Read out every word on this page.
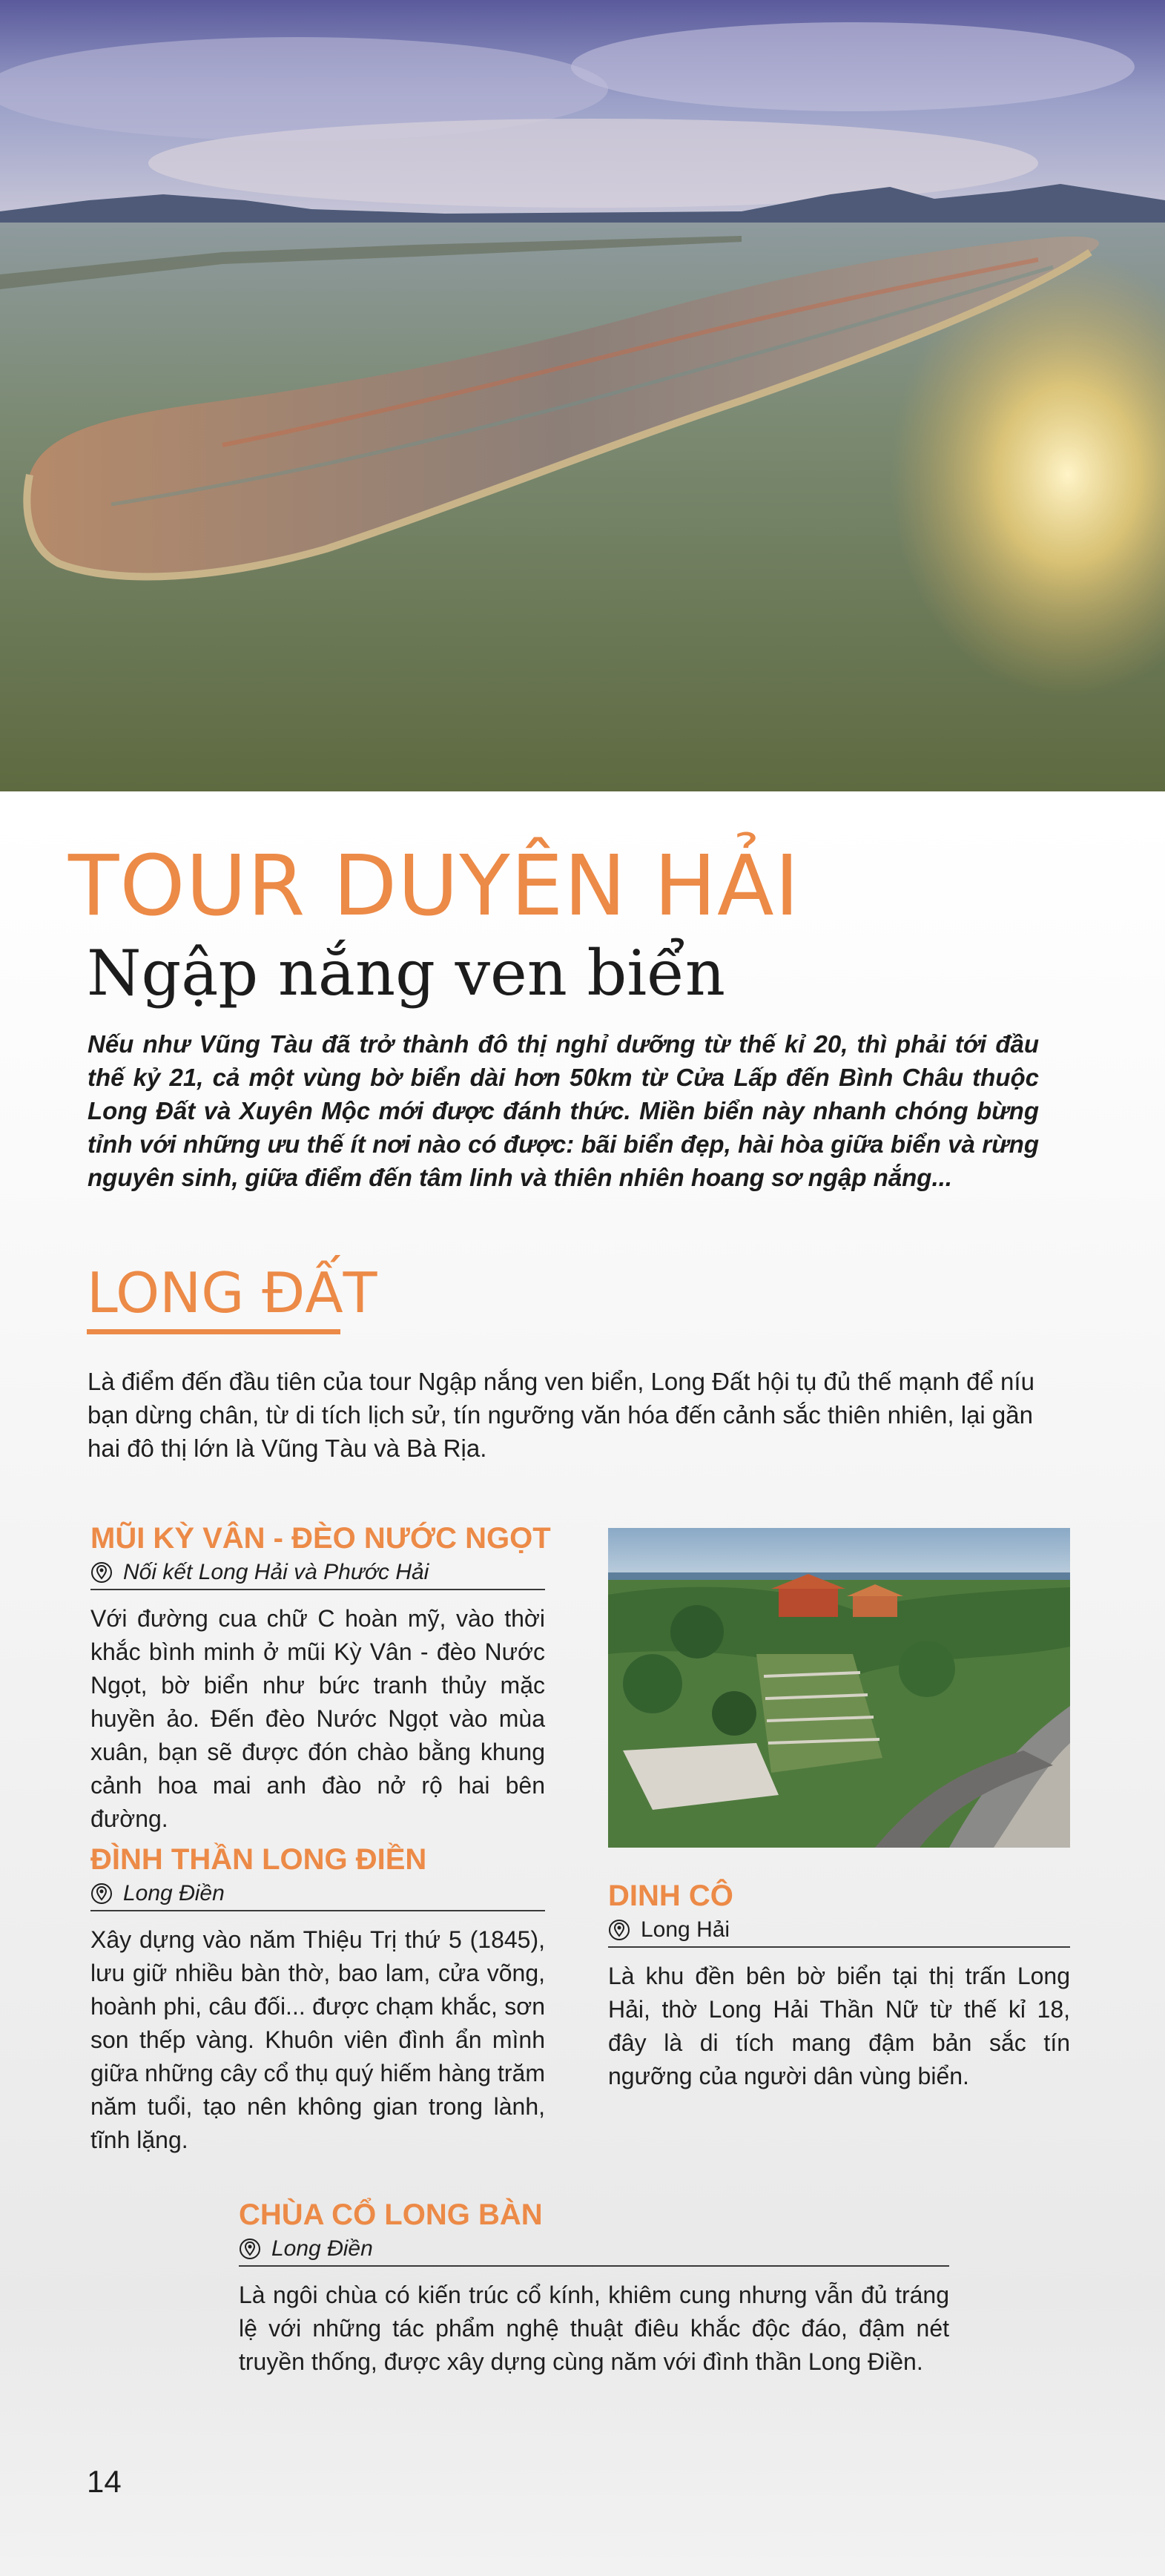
TOUR DUYÊN HẢI
Ngập nắng ven biển

Nếu như Vũng Tàu đã trở thành đô thị nghỉ dưỡng từ thế kỉ 20, thì phải tới đầu thế kỷ 21, cả một vùng bờ biển dài hơn 50km từ Cửa Lấp đến Bình Châu thuộc Long Đất và Xuyên Mộc mới được đánh thức. Miền biển này nhanh chóng bừng tỉnh với những ưu thế ít nơi nào có được: bãi biển đẹp, hài hòa giữa biển và rừng nguyên sinh, giữa điểm đến tâm linh và thiên nhiên hoang sơ ngập nắng...

LONG ĐẤT

Là điểm đến đầu tiên của tour Ngập nắng ven biển, Long Đất hội tụ đủ thế mạnh để níu bạn dừng chân, từ di tích lịch sử, tín ngưỡng văn hóa đến cảnh sắc thiên nhiên, lại gần hai đô thị lớn là Vũng Tàu và Bà Rịa.

MŨI KỲ VÂN - ĐÈO NƯỚC NGỌT
Nối kết Long Hải và Phước Hải

Với đường cua chữ C hoàn mỹ, vào thời khắc bình minh ở mũi Kỳ Vân - đèo Nước Ngọt, bờ biển như bức tranh thủy mặc huyền ảo. Đến đèo Nước Ngọt vào mùa xuân, bạn sẽ được đón chào bằng khung cảnh hoa mai anh đào nở rộ hai bên đường.

ĐÌNH THẦN LONG ĐIỀN
Long Điền

Xây dựng vào năm Thiệu Trị thứ 5 (1845), lưu giữ nhiều bàn thờ, bao lam, cửa võng, hoành phi, câu đối... được chạm khắc, sơn son thếp vàng. Khuôn viên đình ẩn mình giữa những cây cổ thụ quý hiếm hàng trăm năm tuổi, tạo nên không gian trong lành, tĩnh lặng.

DINH CÔ
Long Hải

Là khu đền bên bờ biển tại thị trấn Long Hải, thờ Long Hải Thần Nữ từ thế kỉ 18, đây là di tích mang đậm bản sắc tín ngưỡng của người dân vùng biển.

CHÙA CỔ LONG BÀN
Long Điền

Là ngôi chùa có kiến trúc cổ kính, khiêm cung nhưng vẫn đủ tráng lệ với những tác phẩm nghệ thuật điêu khắc độc đáo, đậm nét truyền thống, được xây dựng cùng năm với đình thần Long Điền.

14
